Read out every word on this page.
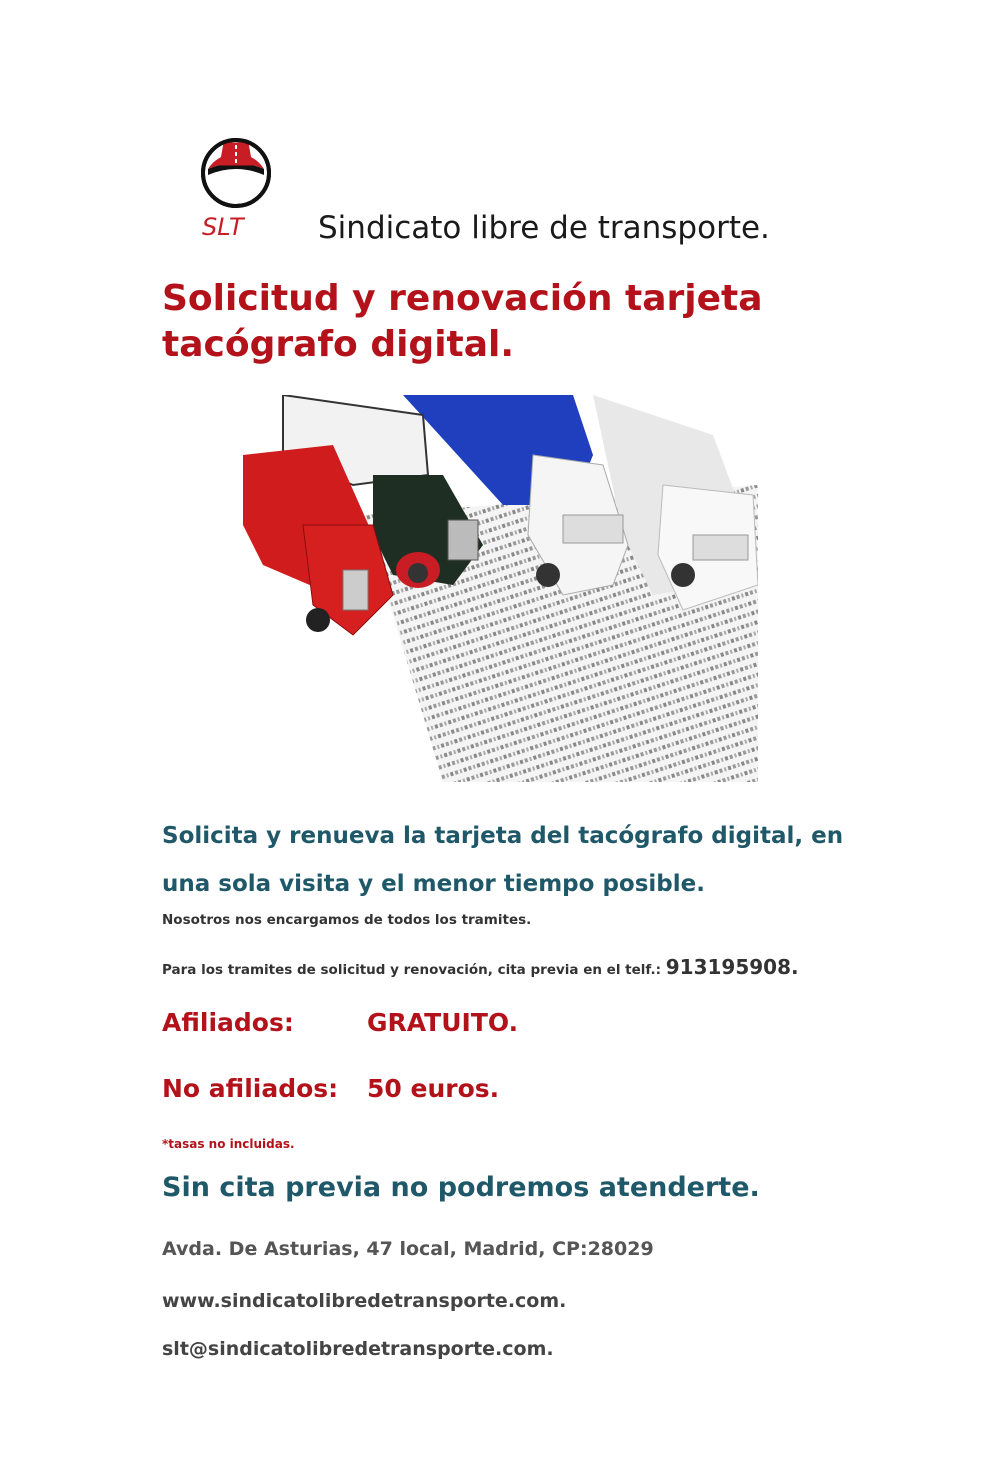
SLT Sindicato libre de transporte.
Solicitud y renovación tarjeta
tacógrafo digital.
Solicita y renueva la tarjeta del tacógrafo digital, en
una sola visita y el menor tiempo posible.
Nosotros nos encargamos de todos los tramites.
Para los tramites de solicitud y renovación, cita previa en el telf.: 913195908.
Afiliados:	GRATUITO.
No afiliados: 50 euros.
*tasas no incluidas.
Sin cita previa no podremos atenderte.
Avda. De Asturias, 47 local, Madrid, CP:28029
www.sindicatolibredetransporte.com.
slt@sindicatolibredetransporte.com.
